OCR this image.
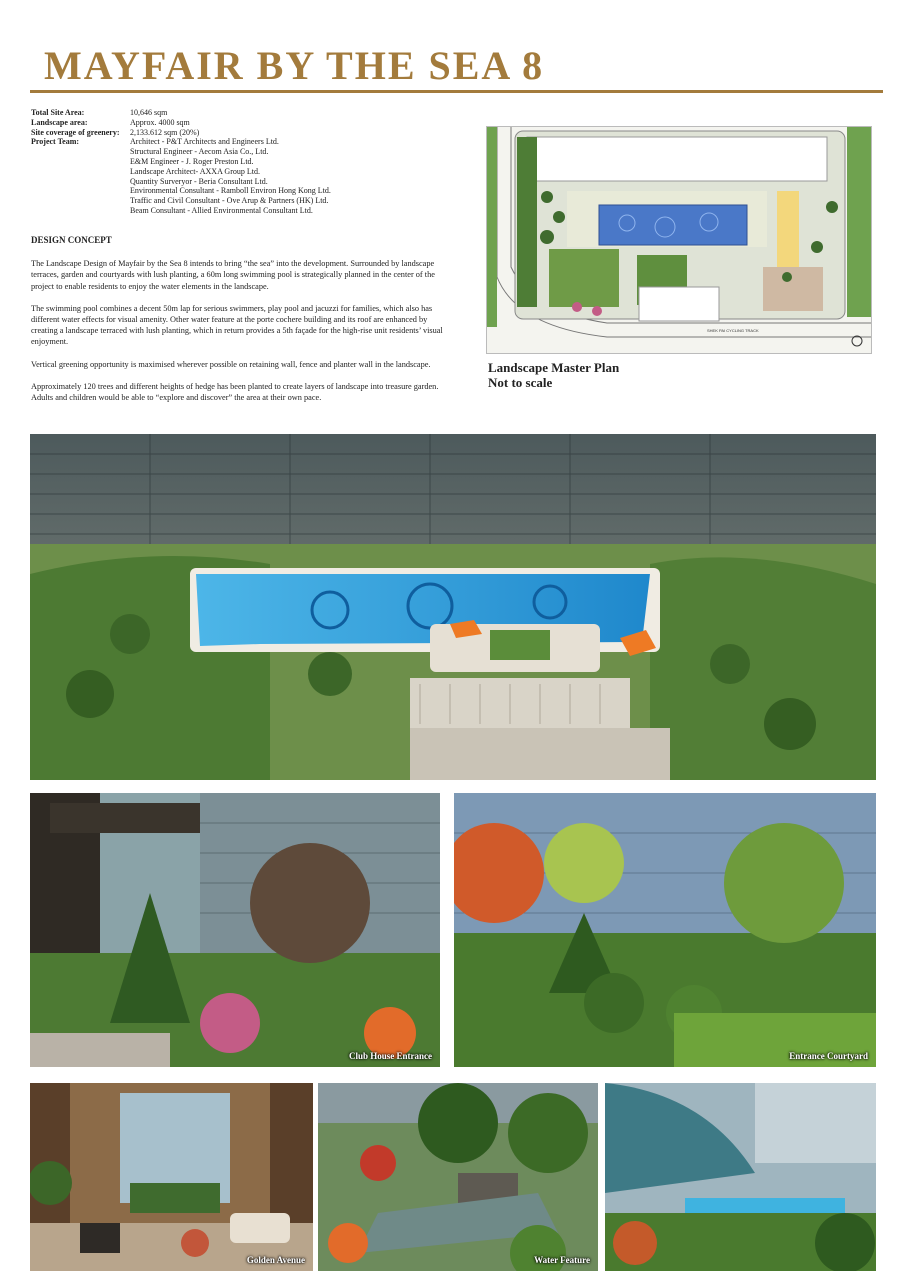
MAYFAIR BY THE SEA 8
Total Site Area:	10,646 sqm
Landscape area:	Approx. 4000 sqm
Site coverage of greenery:	2,133.612 sqm (20%)
Project Team:	Architect - P&T Architects and Engineers Ltd.
Structural Engineer - Aecom Asia Co., Ltd.
E&M Engineer - J. Roger Preston Ltd.
Landscape Architect- AXXA Group Ltd.
Quantity Surveryor - Beria Consultant Ltd.
Environmental Consultant - Ramboll Environ Hong Kong Ltd.
Traffic and Civil Consultant - Ove Arup & Partners (HK) Ltd.
Beam Consultant - Allied Environmental Consultant Ltd.
DESIGN CONCEPT

The Landscape Design of Mayfair by the Sea 8 intends to bring “the sea” into the development. Surrounded by landscape terraces, garden and courtyards with lush planting, a 60m long swimming pool is strategically planned in the center of the project to enable residents to enjoy the water elements in the landscape.

The swimming pool combines a decent 50m lap for serious swimmers, play pool and jacuzzi for families, which also has different water effects for visual amenity. Other water feature at the porte cochere building and its roof are enhanced by creating a landscape terraced with lush planting, which in return provides a 5th façade for the high-rise unit residents’ visual enjoyment.

Vertical greening opportunity is maximised wherever possible on retaining wall, fence and planter wall in the landscape.

Approximately 120 trees and different heights of hedge has been planted to create layers of landscape into treasure garden. Adults and children would be able to “explore and discover” the area at their own pace.

SHEK PAI CYCLING TRACK
Landscape Master Plan
Not to scale
Club House Entrance	Entrance Courtyard
Golden Avenue	Water Feature
